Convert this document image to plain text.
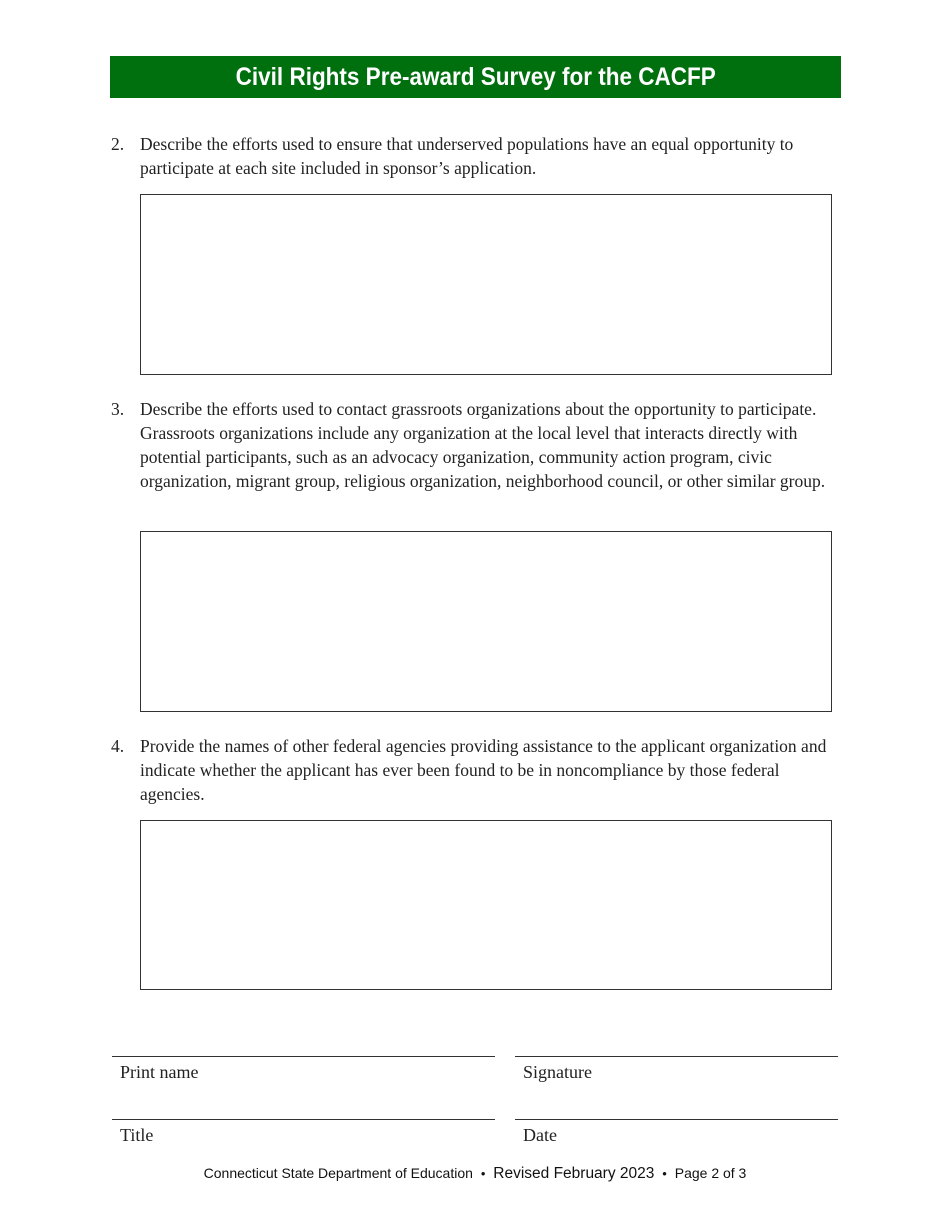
Civil Rights Pre-award Survey for the CACFP
2. Describe the efforts used to ensure that underserved populations have an equal opportunity to participate at each site included in sponsor’s application.
3. Describe the efforts used to contact grassroots organizations about the opportunity to participate. Grassroots organizations include any organization at the local level that interacts directly with potential participants, such as an advocacy organization, community action program, civic organization, migrant group, religious organization, neighborhood council, or other similar group.
4. Provide the names of other federal agencies providing assistance to the applicant organization and indicate whether the applicant has ever been found to be in noncompliance by those federal agencies.
Print name	Signature
Title	Date
Connecticut State Department of Education • Revised February 2023 • Page 2 of 3
